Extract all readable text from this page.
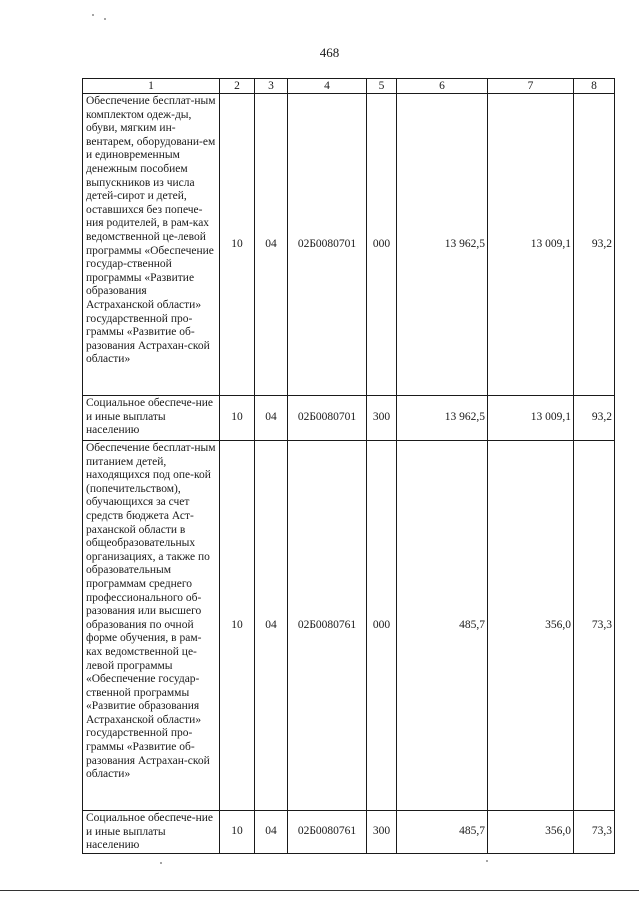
468
1	2	3	4	5	6	7	8
Обеспечение бесплат-ным комплектом одеж-ды, обуви, мягким ин-вентарем, оборудовани-ем и единовременным денежным пособием выпускников из числа детей-сирот и детей, оставшихся без попече-ния родителей, в рам-ках ведомственной це-левой программы «Обеспечение государ-ственной программы «Развитие образования Астраханской области» государственной про-граммы «Развитие об-разования Астрахан-ской области»	10	04	02Б0080701	000	13 962,5	13 009,1	93,2
Социальное обеспече-ние и иные выплаты населению	10	04	02Б0080701	300	13 962,5	13 009,1	93,2
Обеспечение бесплат-ным питанием детей, находящихся под опе-кой (попечительством), обучающихся за счет средств бюджета Аст-раханской области в общеобразовательных организациях, а также по образовательным программам среднего профессионального об-разования или высшего образования по очной форме обучения, в рам-ках ведомственной це-левой программы «Обеспечение государ-ственной программы «Развитие образования Астраханской области» государственной про-граммы «Развитие об-разования Астрахан-ской области»	10	04	02Б0080761	000	485,7	356,0	73,3
Социальное обеспече-ние и иные выплаты населению	10	04	02Б0080761	300	485,7	356,0	73,3
